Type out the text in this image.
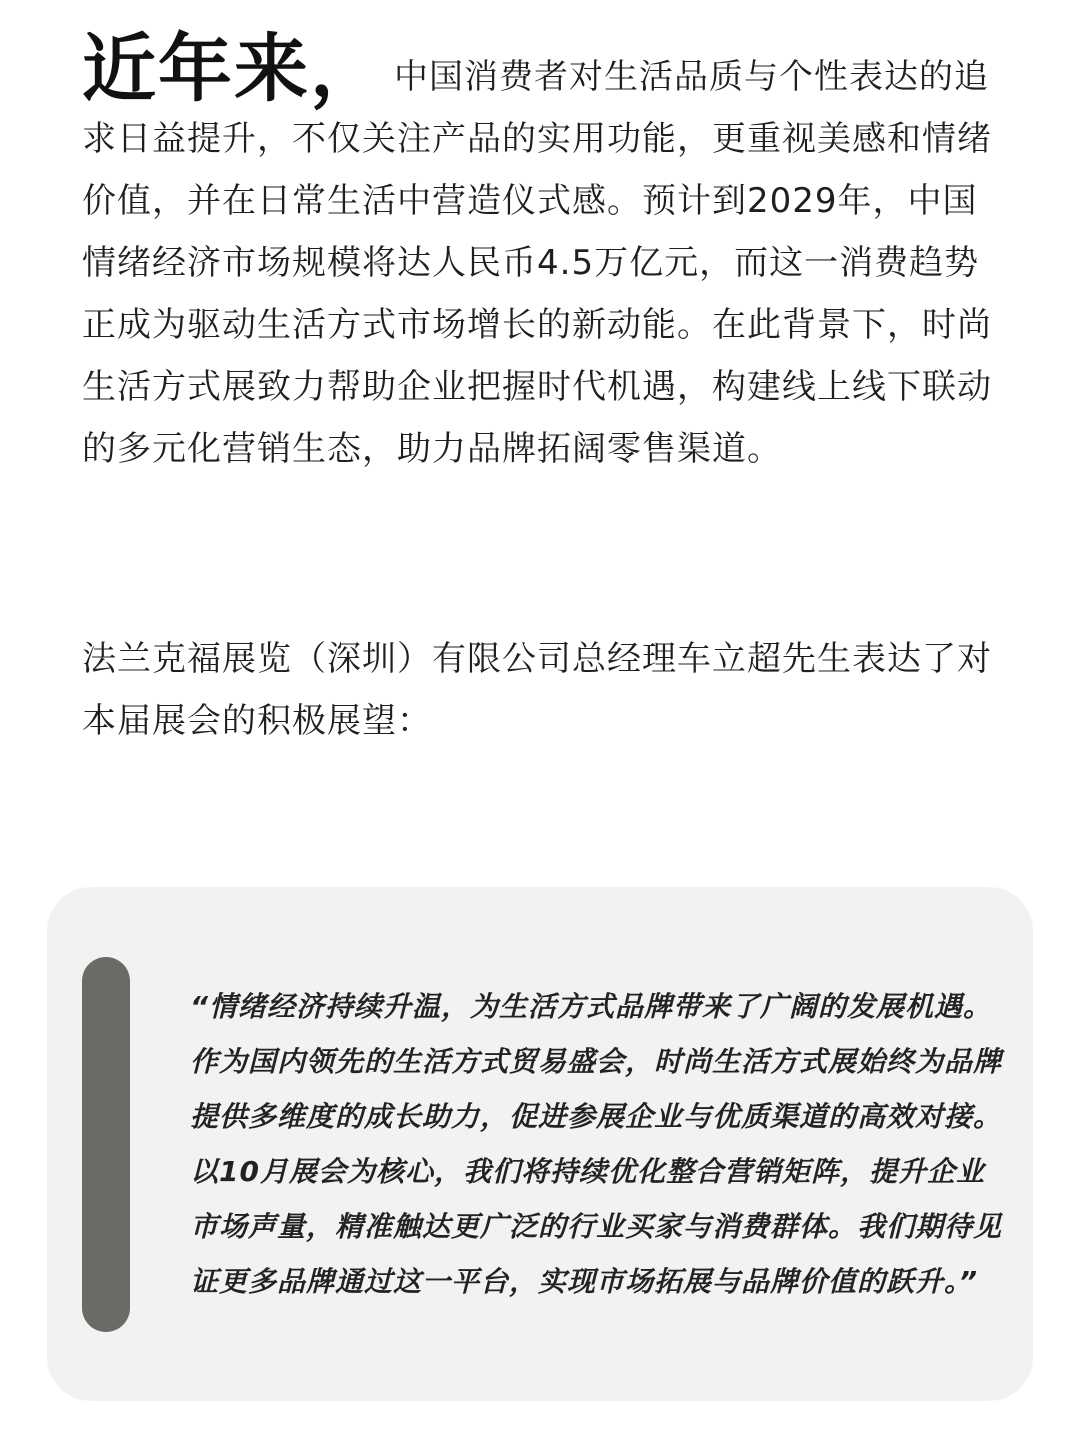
近年来， 中国消费者对生活品质与个性表达的追求日益提升，不仅关注产品的实用功能，更重视美感和情绪价值，并在日常生活中营造仪式感。预计到2029年，中国情绪经济市场规模将达人民币4.5万亿元，而这一消费趋势正成为驱动生活方式市场增长的新动能。在此背景下，时尚生活方式展致力帮助企业把握时代机遇，构建线上线下联动的多元化营销生态，助力品牌拓阔零售渠道。

法兰克福展览（深圳）有限公司总经理车立超先生表达了对本届展会的积极展望：

“情绪经济持续升温，为生活方式品牌带来了广阔的发展机遇。作为国内领先的生活方式贸易盛会，时尚生活方式展始终为品牌提供多维度的成长助力，促进参展企业与优质渠道的高效对接。以10月展会为核心，我们将持续优化整合营销矩阵，提升企业市场声量，精准触达更广泛的行业买家与消费群体。我们期待见证更多品牌通过这一平台，实现市场拓展与品牌价值的跃升。”
